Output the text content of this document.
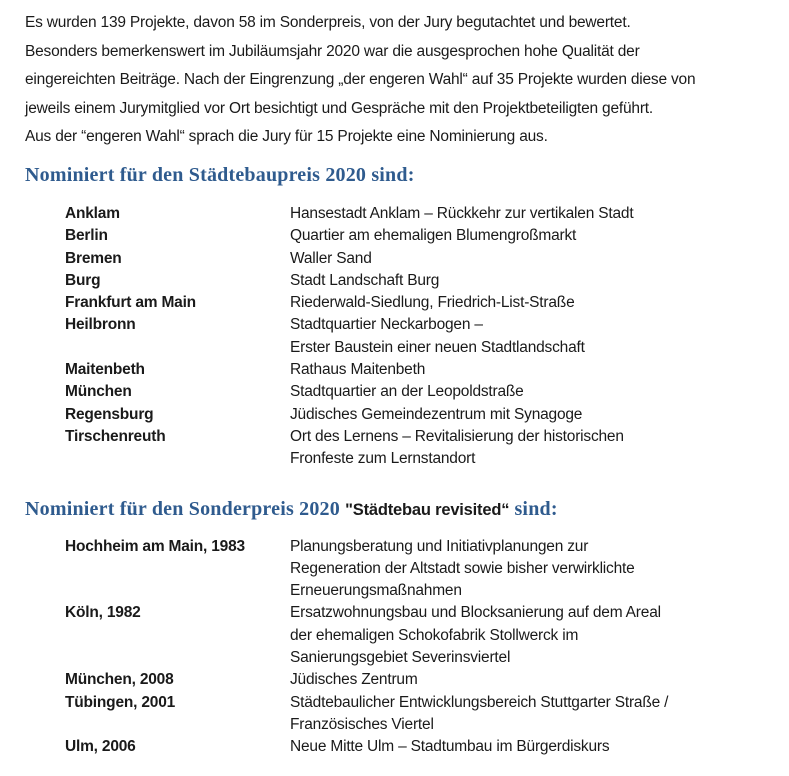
Es wurden 139 Projekte, davon 58 im Sonderpreis, von der Jury begutachtet und bewertet.
Besonders bemerkenswert im Jubiläumsjahr 2020 war die ausgesprochen hohe Qualität der
eingereichten Beiträge. Nach der Eingrenzung „der engeren Wahl“ auf 35 Projekte wurden diese von
jeweils einem Jurymitglied vor Ort besichtigt und Gespräche mit den Projektbeteiligten geführt.
Aus der “engeren Wahl“ sprach die Jury für 15 Projekte eine Nominierung aus.
Nominiert für den Städtebaupreis 2020 sind:
Anklam	Hansestadt Anklam – Rückkehr zur vertikalen Stadt
Berlin	Quartier am ehemaligen Blumengroßmarkt
Bremen	Waller Sand
Burg	Stadt Landschaft Burg
Frankfurt am Main	Riederwald-Siedlung, Friedrich-List-Straße
Heilbronn	Stadtquartier Neckarbogen –
Erster Baustein einer neuen Stadtlandschaft
Maitenbeth	Rathaus Maitenbeth
München	Stadtquartier an der Leopoldstraße
Regensburg	Jüdisches Gemeindezentrum mit Synagoge
Tirschenreuth	Ort des Lernens – Revitalisierung der historischen
Fronfeste zum Lernstandort
Nominiert für den Sonderpreis 2020 "Städtebau revisited“ sind:
Hochheim am Main, 1983	Planungsberatung und Initiativplanungen zur
Regeneration der Altstadt sowie bisher verwirklichte
Erneuerungsmaßnahmen
Köln, 1982	Ersatzwohnungsbau und Blocksanierung auf dem Areal
der ehemaligen Schokofabrik Stollwerck im
Sanierungsgebiet Severinsviertel
München, 2008	Jüdisches Zentrum
Tübingen, 2001	Städtebaulicher Entwicklungsbereich Stuttgarter Straße /
Französisches Viertel
Ulm, 2006	Neue Mitte Ulm – Stadtumbau im Bürgerdiskurs
